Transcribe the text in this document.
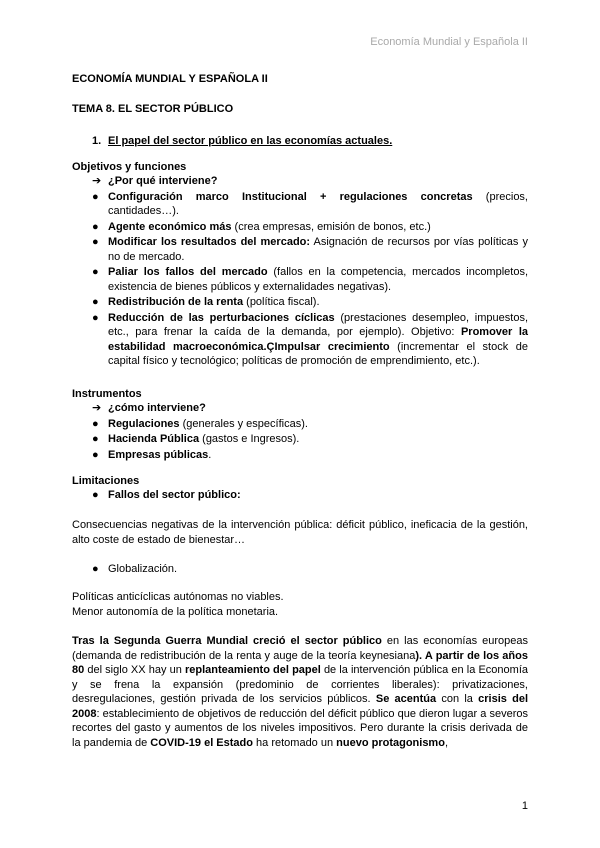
Economía Mundial y Española II
ECONOMÍA MUNDIAL Y ESPAÑOLA II
TEMA 8. EL SECTOR PÚBLICO
1. El papel del sector público en las economías actuales.
Objetivos y funciones
➔ ¿Por qué interviene?
● Configuración marco Institucional + regulaciones concretas (precios, cantidades…).
● Agente económico más (crea empresas, emisión de bonos, etc.)
● Modificar los resultados del mercado: Asignación de recursos por vías políticas y no de mercado.
● Paliar los fallos del mercado (fallos en la competencia, mercados incompletos, existencia de bienes públicos y externalidades negativas).
● Redistribución de la renta (política fiscal).
● Reducción de las perturbaciones cíclicas (prestaciones desempleo, impuestos, etc., para frenar la caída de la demanda, por ejemplo). Objetivo: Promover la estabilidad macroeconómica.ÇImpulsar crecimiento (incrementar el stock de capital físico y tecnológico; políticas de promoción de emprendimiento, etc.).
Instrumentos
➔ ¿cómo interviene?
● Regulaciones (generales y específicas).
● Hacienda Pública (gastos e Ingresos).
● Empresas públicas.
Limitaciones
● Fallos del sector público:
Consecuencias negativas de la intervención pública: déficit público, ineficacia de la gestión, alto coste de estado de bienestar…
● Globalización.
Políticas anticíclicas autónomas no viables.
Menor autonomía de la política monetaria.
Tras la Segunda Guerra Mundial creció el sector público en las economías europeas (demanda de redistribución de la renta y auge de la teoría keynesiana). A partir de los años 80 del siglo XX hay un replanteamiento del papel de la intervención pública en la Economía y se frena la expansión (predominio de corrientes liberales): privatizaciones, desregulaciones, gestión privada de los servicios públicos. Se acentúa con la crisis del 2008: establecimiento de objetivos de reducción del déficit público que dieron lugar a severos recortes del gasto y aumentos de los niveles impositivos. Pero durante la crisis derivada de la pandemia de COVID-19 el Estado ha retomado un nuevo protagonismo,
1
